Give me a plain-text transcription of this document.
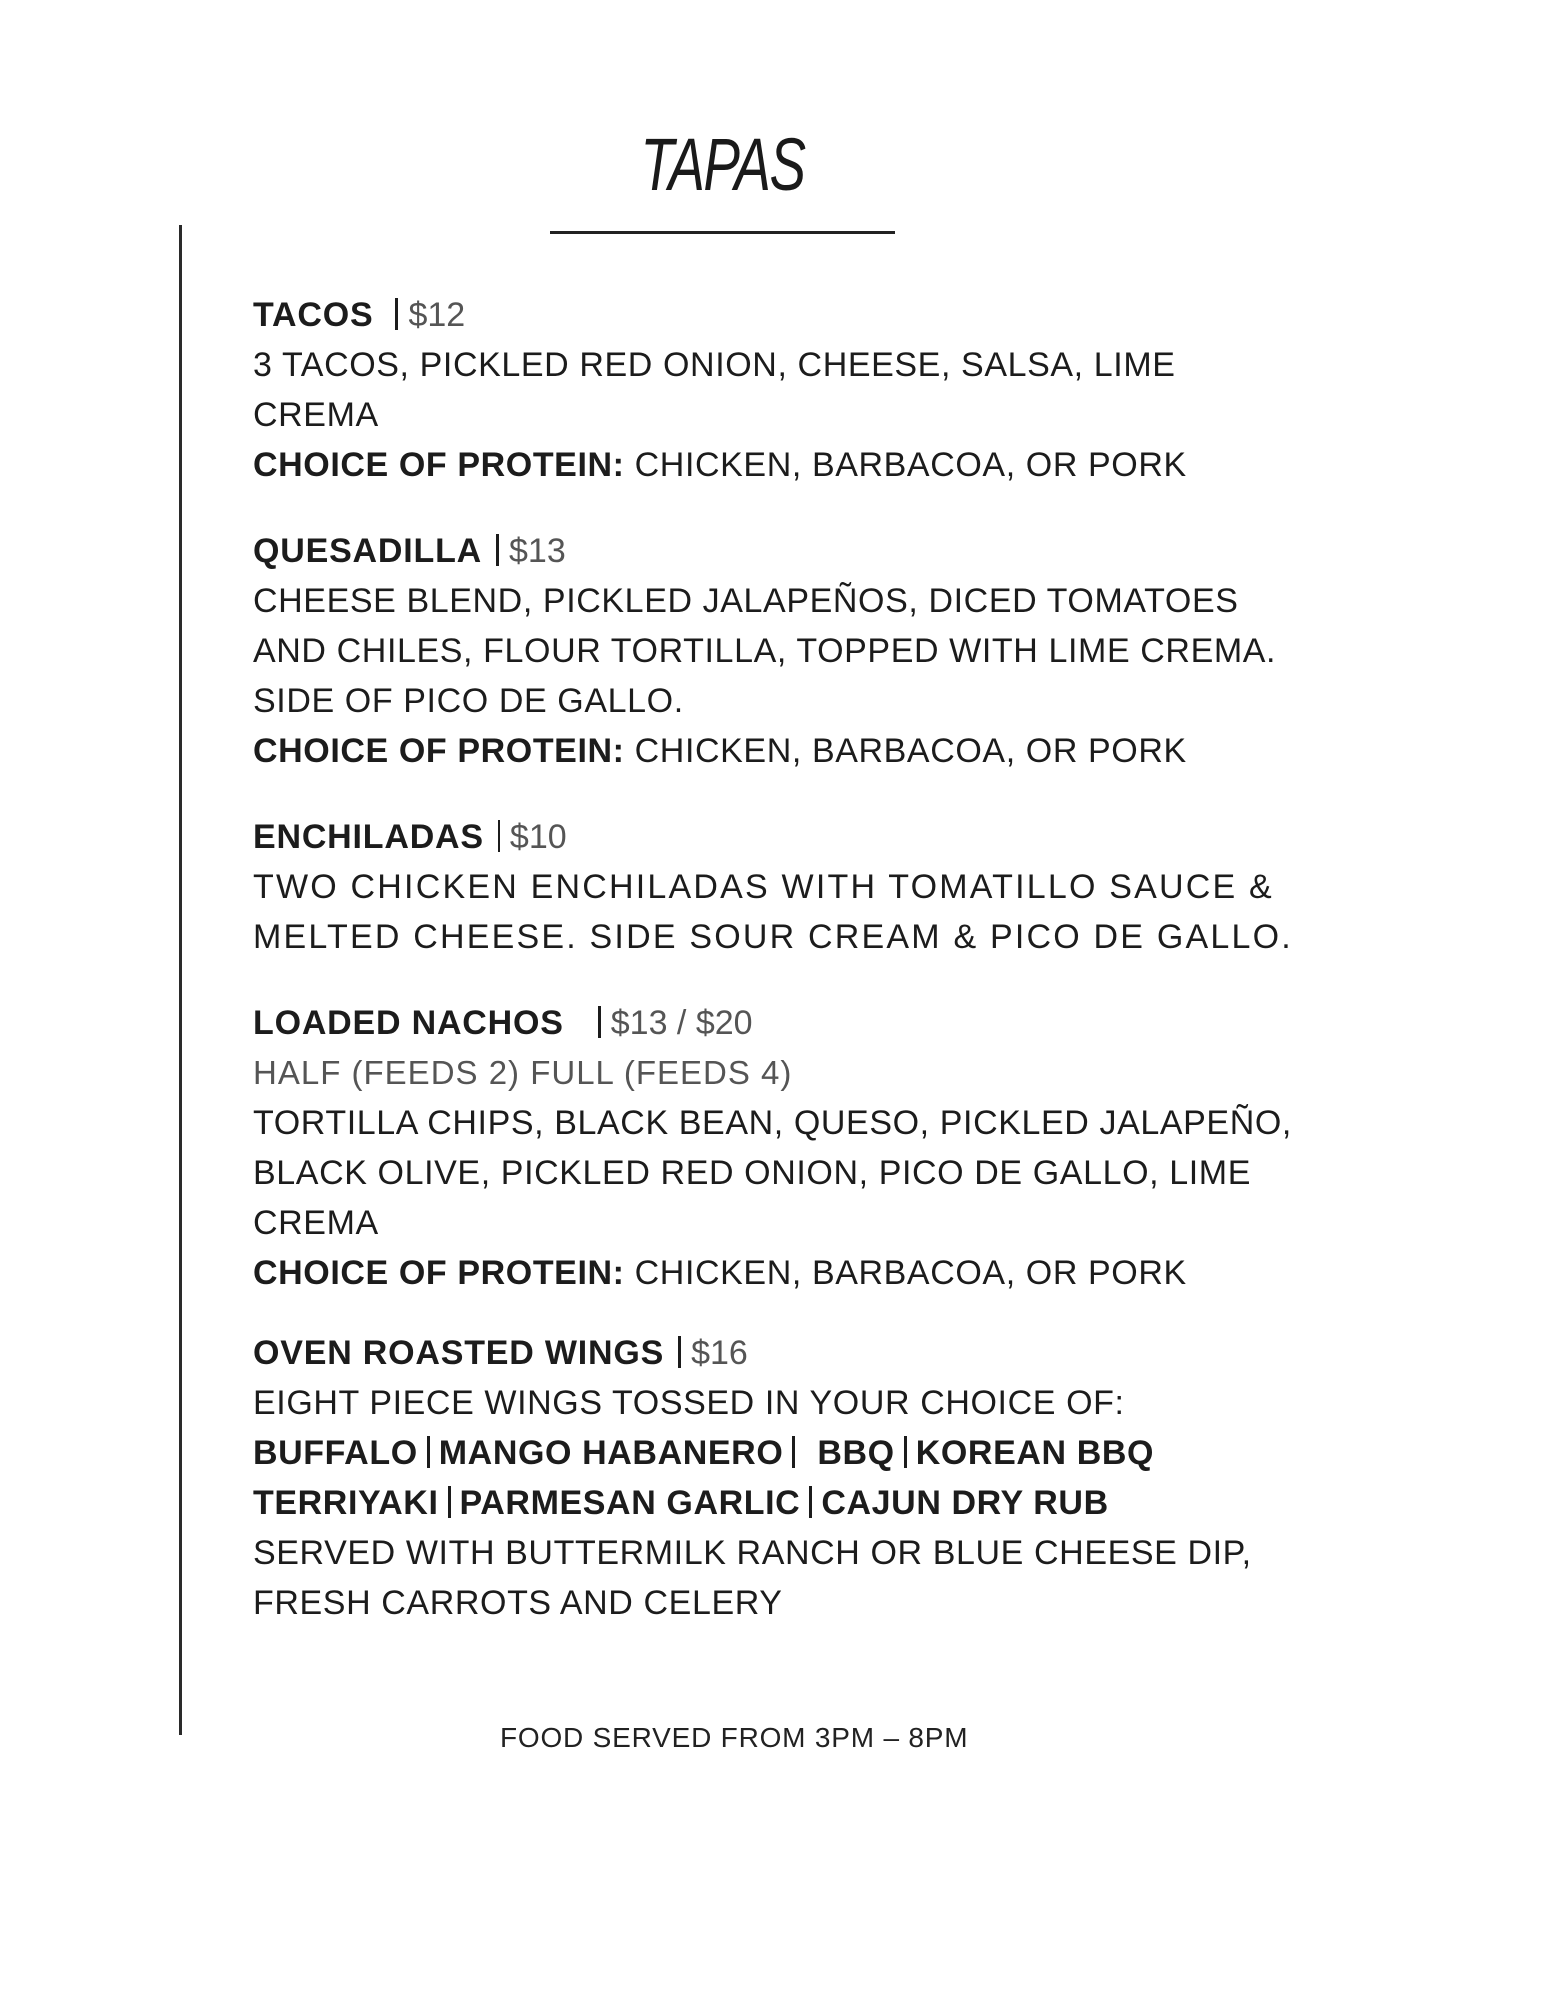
TAPAS
TACOS $12
3 TACOS, PICKLED RED ONION, CHEESE, SALSA, LIME
CREMA
CHOICE OF PROTEIN: CHICKEN, BARBACOA, OR PORK
QUESADILLA $13
CHEESE BLEND, PICKLED JALAPEÑOS, DICED TOMATOES
AND CHILES, FLOUR TORTILLA, TOPPED WITH LIME CREMA.
SIDE OF PICO DE GALLO.
CHOICE OF PROTEIN: CHICKEN, BARBACOA, OR PORK
ENCHILADAS $10
TWO CHICKEN ENCHILADAS WITH TOMATILLO SAUCE &
MELTED CHEESE. SIDE SOUR CREAM & PICO DE GALLO.
LOADED NACHOS $13 / $20
HALF (FEEDS 2) FULL (FEEDS 4)
TORTILLA CHIPS, BLACK BEAN, QUESO, PICKLED JALAPEÑO,
BLACK OLIVE, PICKLED RED ONION, PICO DE GALLO, LIME
CREMA
CHOICE OF PROTEIN: CHICKEN, BARBACOA, OR PORK
OVEN ROASTED WINGS $16
EIGHT PIECE WINGS TOSSED IN YOUR CHOICE OF:
BUFFALO MANGO HABANERO BBQ KOREAN BBQ
TERRIYAKI PARMESAN GARLIC CAJUN DRY RUB
SERVED WITH BUTTERMILK RANCH OR BLUE CHEESE DIP,
FRESH CARROTS AND CELERY
FOOD SERVED FROM 3PM – 8PM
